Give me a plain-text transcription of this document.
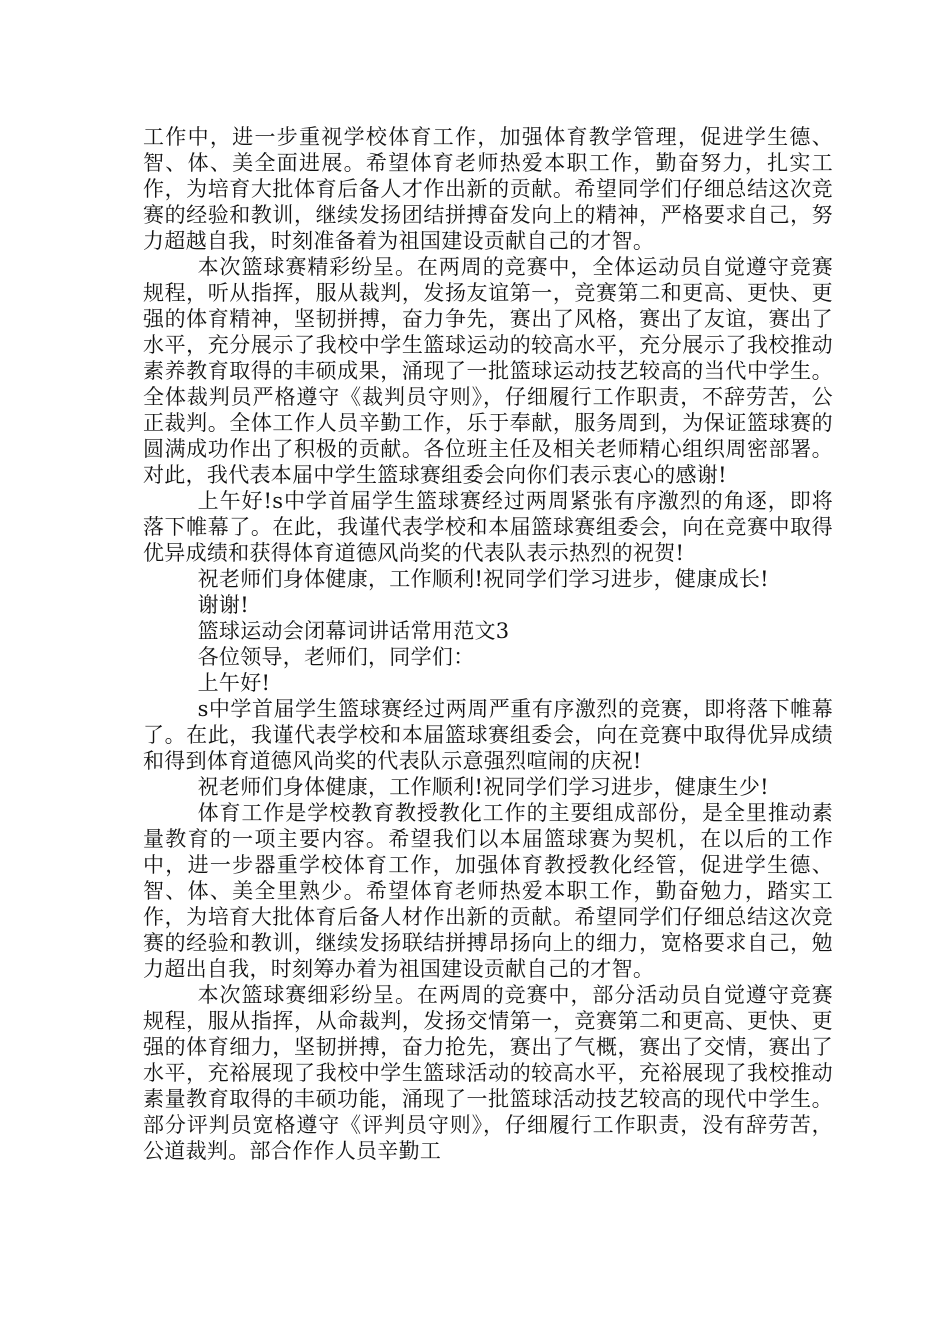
工作中，进一步重视学校体育工作，加强体育教学管理，促进学生德、智、体、美全面进展。希望体育老师热爱本职工作，勤奋努力，扎实工作，为培育大批体育后备人才作出新的贡献。希望同学们仔细总结这次竞赛的经验和教训，继续发扬团结拼搏奋发向上的精神，严格要求自己，努力超越自我，时刻准备着为祖国建设贡献自己的才智。

本次篮球赛精彩纷呈。在两周的竞赛中，全体运动员自觉遵守竞赛规程，听从指挥，服从裁判，发扬友谊第一，竞赛第二和更高、更快、更强的体育精神，坚韧拼搏，奋力争先，赛出了风格，赛出了友谊，赛出了水平，充分展示了我校中学生篮球运动的较高水平，充分展示了我校推动素养教育取得的丰硕成果，涌现了一批篮球运动技艺较高的当代中学生。全体裁判员严格遵守《裁判员守则》，仔细履行工作职责，不辞劳苦，公正裁判。全体工作人员辛勤工作，乐于奉献，服务周到，为保证篮球赛的圆满成功作出了积极的贡献。各位班主任及相关老师精心组织周密部署。对此，我代表本届中学生篮球赛组委会向你们表示衷心的感谢!

上午好!s中学首届学生篮球赛经过两周紧张有序激烈的角逐，即将落下帷幕了。在此，我谨代表学校和本届篮球赛组委会，向在竞赛中取得优异成绩和获得体育道德风尚奖的代表队表示热烈的祝贺!

祝老师们身体健康，工作顺利!祝同学们学习进步，健康成长!

谢谢!

篮球运动会闭幕词讲话常用范文3

各位领导，老师们，同学们：

上午好!

s中学首届学生篮球赛经过两周严重有序激烈的竞赛，即将落下帷幕了。在此，我谨代表学校和本届篮球赛组委会，向在竞赛中取得优异成绩和得到体育道德风尚奖的代表队示意强烈喧闹的庆祝!

祝老师们身体健康，工作顺利!祝同学们学习进步，健康生少!

体育工作是学校教育教授教化工作的主要组成部份，是全里推动素量教育的一项主要内容。希望我们以本届篮球赛为契机，在以后的工作中，进一步器重学校体育工作，加强体育教授教化经管，促进学生德、智、体、美全里熟少。希望体育老师热爱本职工作，勤奋勉力，踏实工作，为培育大批体育后备人材作出新的贡献。希望同学们仔细总结这次竞赛的经验和教训，继续发扬联结拼搏昂扬向上的细力，宽格要求自己，勉力超出自我，时刻筹办着为祖国建设贡献自己的才智。

本次篮球赛细彩纷呈。在两周的竞赛中，部分活动员自觉遵守竞赛规程，服从指挥，从命裁判，发扬交情第一，竞赛第二和更高、更快、更强的体育细力，坚韧拼搏，奋力抢先，赛出了气概，赛出了交情，赛出了水平，充裕展现了我校中学生篮球活动的较高水平，充裕展现了我校推动素量教育取得的丰硕功能，涌现了一批篮球活动技艺较高的现代中学生。部分评判员宽格遵守《评判员守则》，仔细履行工作职责，没有辞劳苦，公道裁判。部合作作人员辛勤工
